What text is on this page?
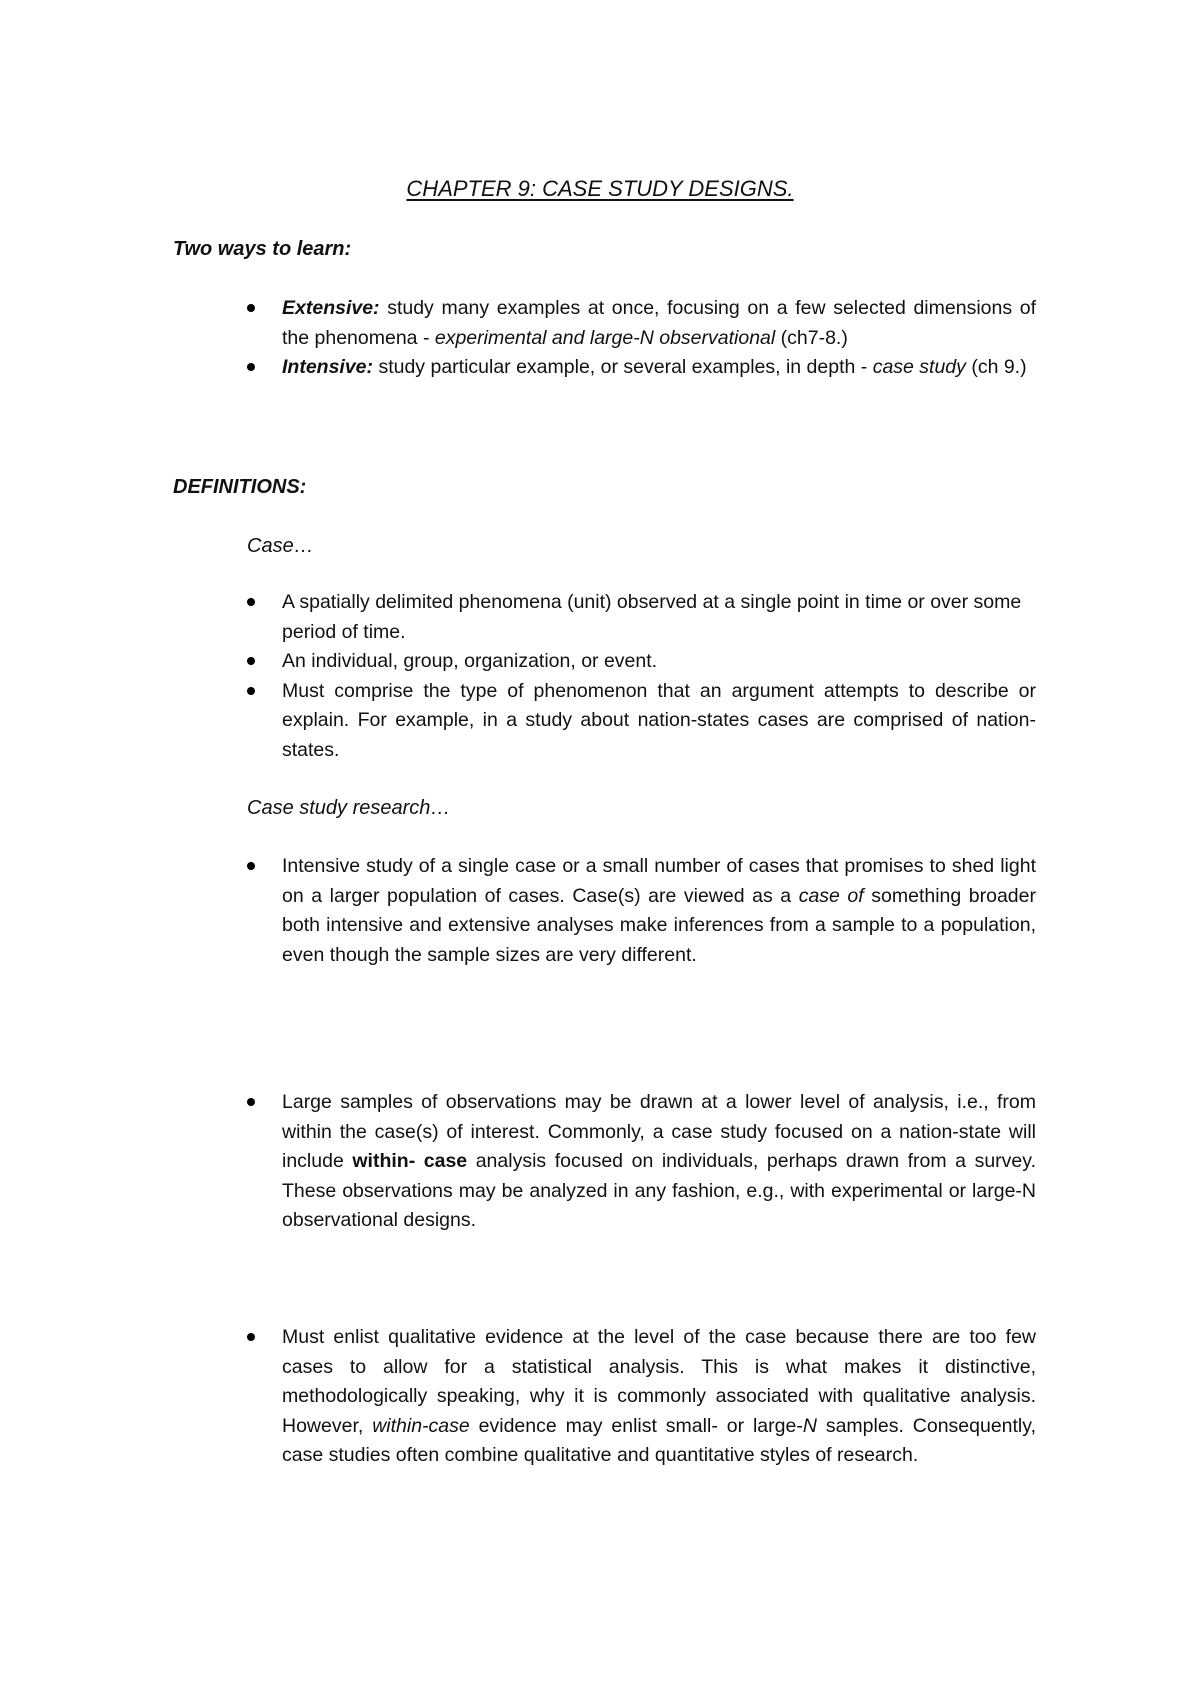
CHAPTER 9: CASE STUDY DESIGNS.
Two ways to learn:
Extensive: study many examples at once, focusing on a few selected dimensions of the phenomena - experimental and large-N observational (ch7-8.)
Intensive: study particular example, or several examples, in depth - case study (ch 9.)
DEFINITIONS:
Case…
A spatially delimited phenomena (unit) observed at a single point in time or over some period of time.
An individual, group, organization, or event.
Must comprise the type of phenomenon that an argument attempts to describe or explain. For example, in a study about nation-states cases are comprised of nation-states.
Case study research…
Intensive study of a single case or a small number of cases that promises to shed light on a larger population of cases. Case(s) are viewed as a case of something broader both intensive and extensive analyses make inferences from a sample to a population, even though the sample sizes are very different.
Large samples of observations may be drawn at a lower level of analysis, i.e., from within the case(s) of interest. Commonly, a case study focused on a nation-state will include within- case analysis focused on individuals, perhaps drawn from a survey. These observations may be analyzed in any fashion, e.g., with experimental or large-N observational designs.
Must enlist qualitative evidence at the level of the case because there are too few cases to allow for a statistical analysis. This is what makes it distinctive, methodologically speaking, why it is commonly associated with qualitative analysis. However, within-case evidence may enlist small- or large-N samples. Consequently, case studies often combine qualitative and quantitative styles of research.
